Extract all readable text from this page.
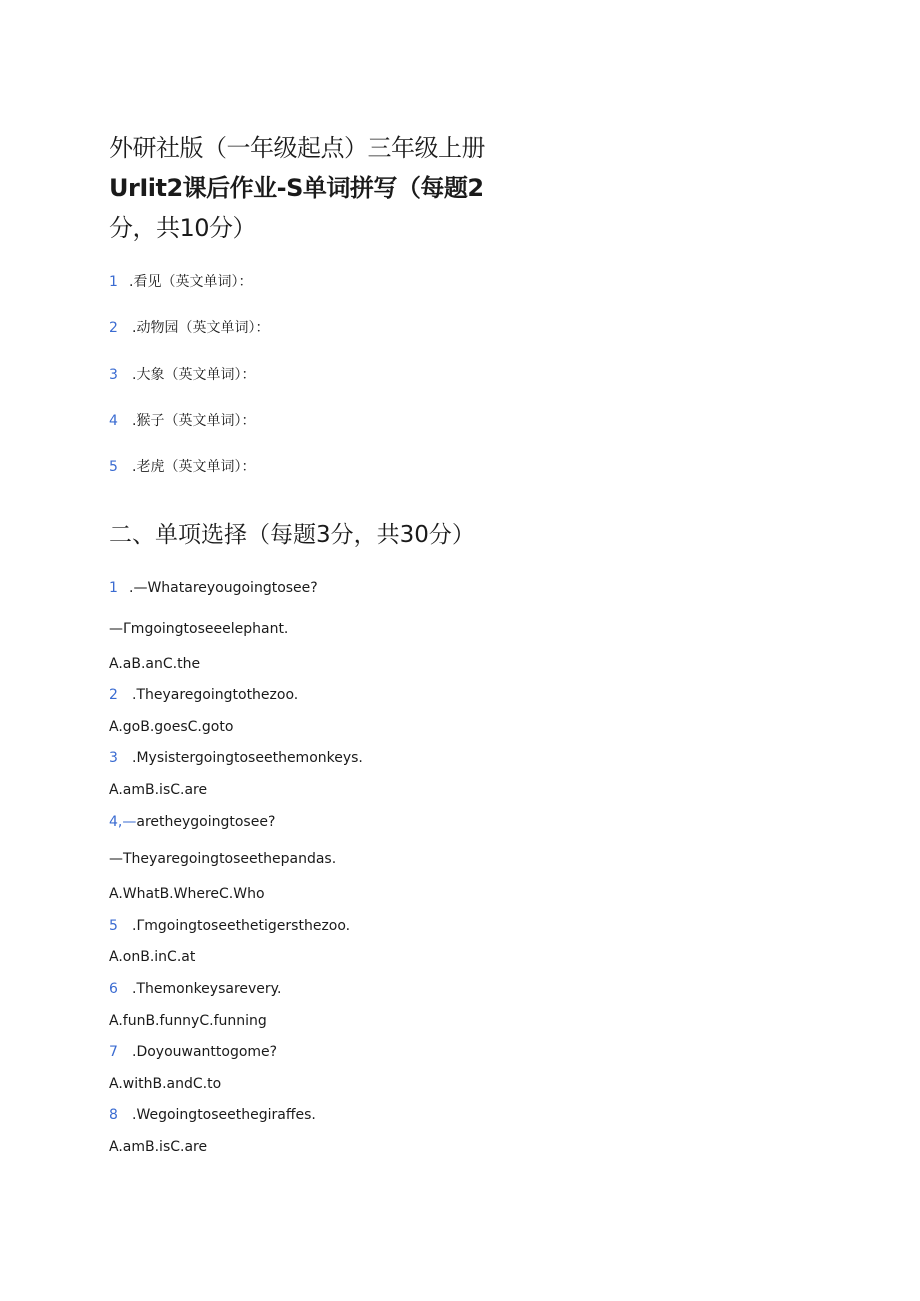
外研社版（一年级起点）三年级上册
UrIit2课后作业-S单词拼写（每题2
分，共10分）
1 .看见（英文单词）：
2 .动物园（英文单词）：
3 .大象（英文单词）：
4 .猴子（英文单词）：
5 .老虎（英文单词）：
二、单项选择（每题3分，共30分）
1 .—Whatareyougoingtosee?
—Γmgoingtoseeelephant.
A.aB.anC.the
2 .Theyaregoingtothezoo.
A.goB.goesC.goto
3 .Mysistergoingtoseethemonkeys.
A.amB.isC.are
4,—aretheygoingtosee?
—Theyaregoingtoseethepandas.
A.WhatB.WhereC.Who
5 .Γmgoingtoseethetigersthezoo.
A.onB.inC.at
6 .Themonkeysarevery.
A.funB.funnyC.funning
7 .Doyouwanttogome?
A.withB.andC.to
8 .Wegoingtoseethegiraffes.
A.amB.isC.are
